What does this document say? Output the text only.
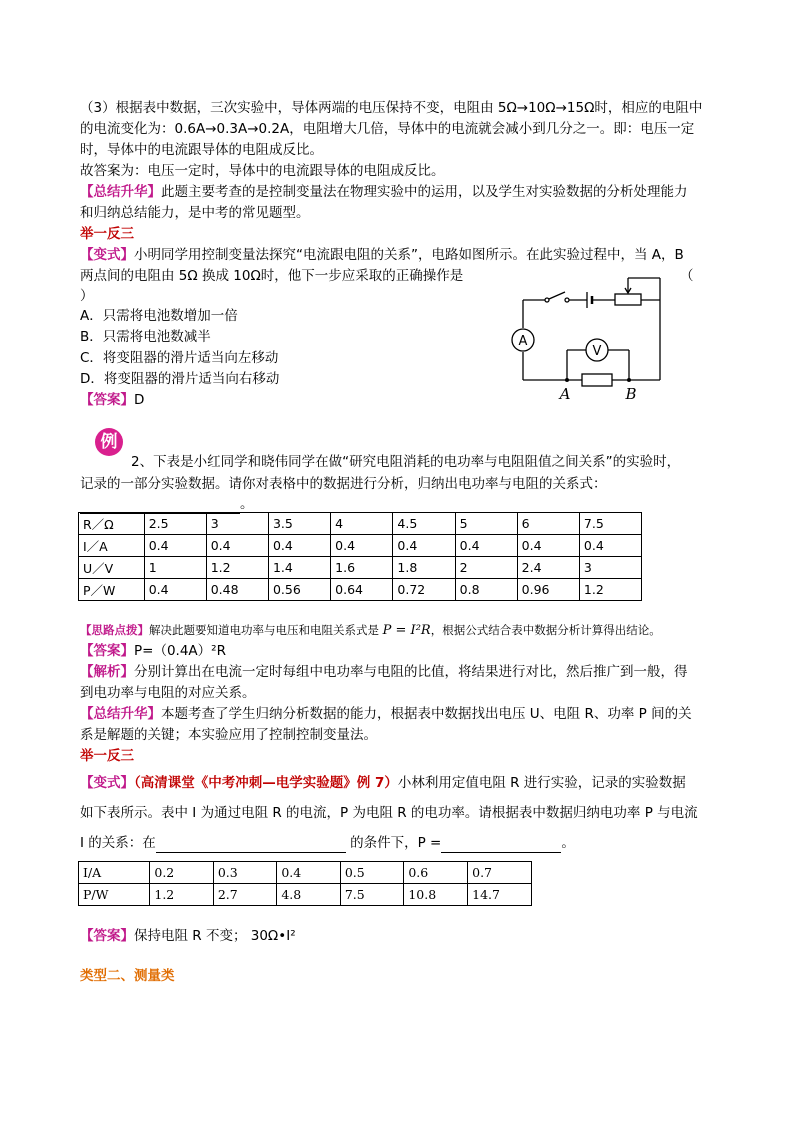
（3）根据表中数据，三次实验中，导体两端的电压保持不变，电阻由 5Ω→10Ω→15Ω时，相应的电阻中
的电流变化为：0.6A→0.3A→0.2A，电阻增大几倍，导体中的电流就会减小到几分之一。即：电压一定
时，导体中的电流跟导体的电阻成反比。
故答案为：电压一定时，导体中的电流跟导体的电阻成反比。
【总结升华】此题主要考查的是控制变量法在物理实验中的运用，以及学生对实验数据的分析处理能力
和归纳总结能力，是中考的常见题型。
举一反三
【变式】小明同学用控制变量法探究“电流跟电阻的关系”，电路如图所示。在此实验过程中，当 A，B
两点间的电阻由 5Ω 换成 10Ω时，他下一步应采取的正确操作是	（
）
A．只需将电池数增加一倍
B．只需将电池数减半
C．将变阻器的滑片适当向左移动
D．将变阻器的滑片适当向右移动
【答案】D
A
V
A	B
例
2、下表是小红同学和晓伟同学在做“研究电阻消耗的电功率与电阻阻值之间关系”的实验时，
记录的一部分实验数据。请你对表格中的数据进行分析，归纳出电功率与电阻的关系式：
。
R／Ω	2.5	3	3.5	4	4.5	5	6	7.5
I／A	0.4	0.4	0.4	0.4	0.4	0.4	0.4	0.4
U／V	1	1.2	1.4	1.6	1.8	2	2.4	3
P／W	0.4	0.48	0.56	0.64	0.72	0.8	0.96	1.2
【思路点拨】解决此题要知道电功率与电压和电阻关系式是 P = I²R，根据公式结合表中数据分析计算得出结论。
【答案】P=（0.4A）²R
【解析】分别计算出在电流一定时每组中电功率与电阻的比值，将结果进行对比，然后推广到一般，得
到电功率与电阻的对应关系。
【总结升华】本题考查了学生归纳分析数据的能力，根据表中数据找出电压 U、电阻 R、功率 P 间的关
系是解题的关键；本实验应用了控制控制变量法。
举一反三
【变式】（高清课堂《中考冲刺—电学实验题》例 7）小林利用定值电阻 R 进行实验，记录的实验数据
如下表所示。表中 I 为通过电阻 R 的电流，P 为电阻 R 的电功率。请根据表中数据归纳电功率 P 与电流
I 的关系：在	的条件下，P =	。
I/A	0.2	0.3	0.4	0.5	0.6	0.7
P/W	1.2	2.7	4.8	7.5	10.8	14.7
【答案】保持电阻 R 不变； 30Ω•I²
类型二、测量类
